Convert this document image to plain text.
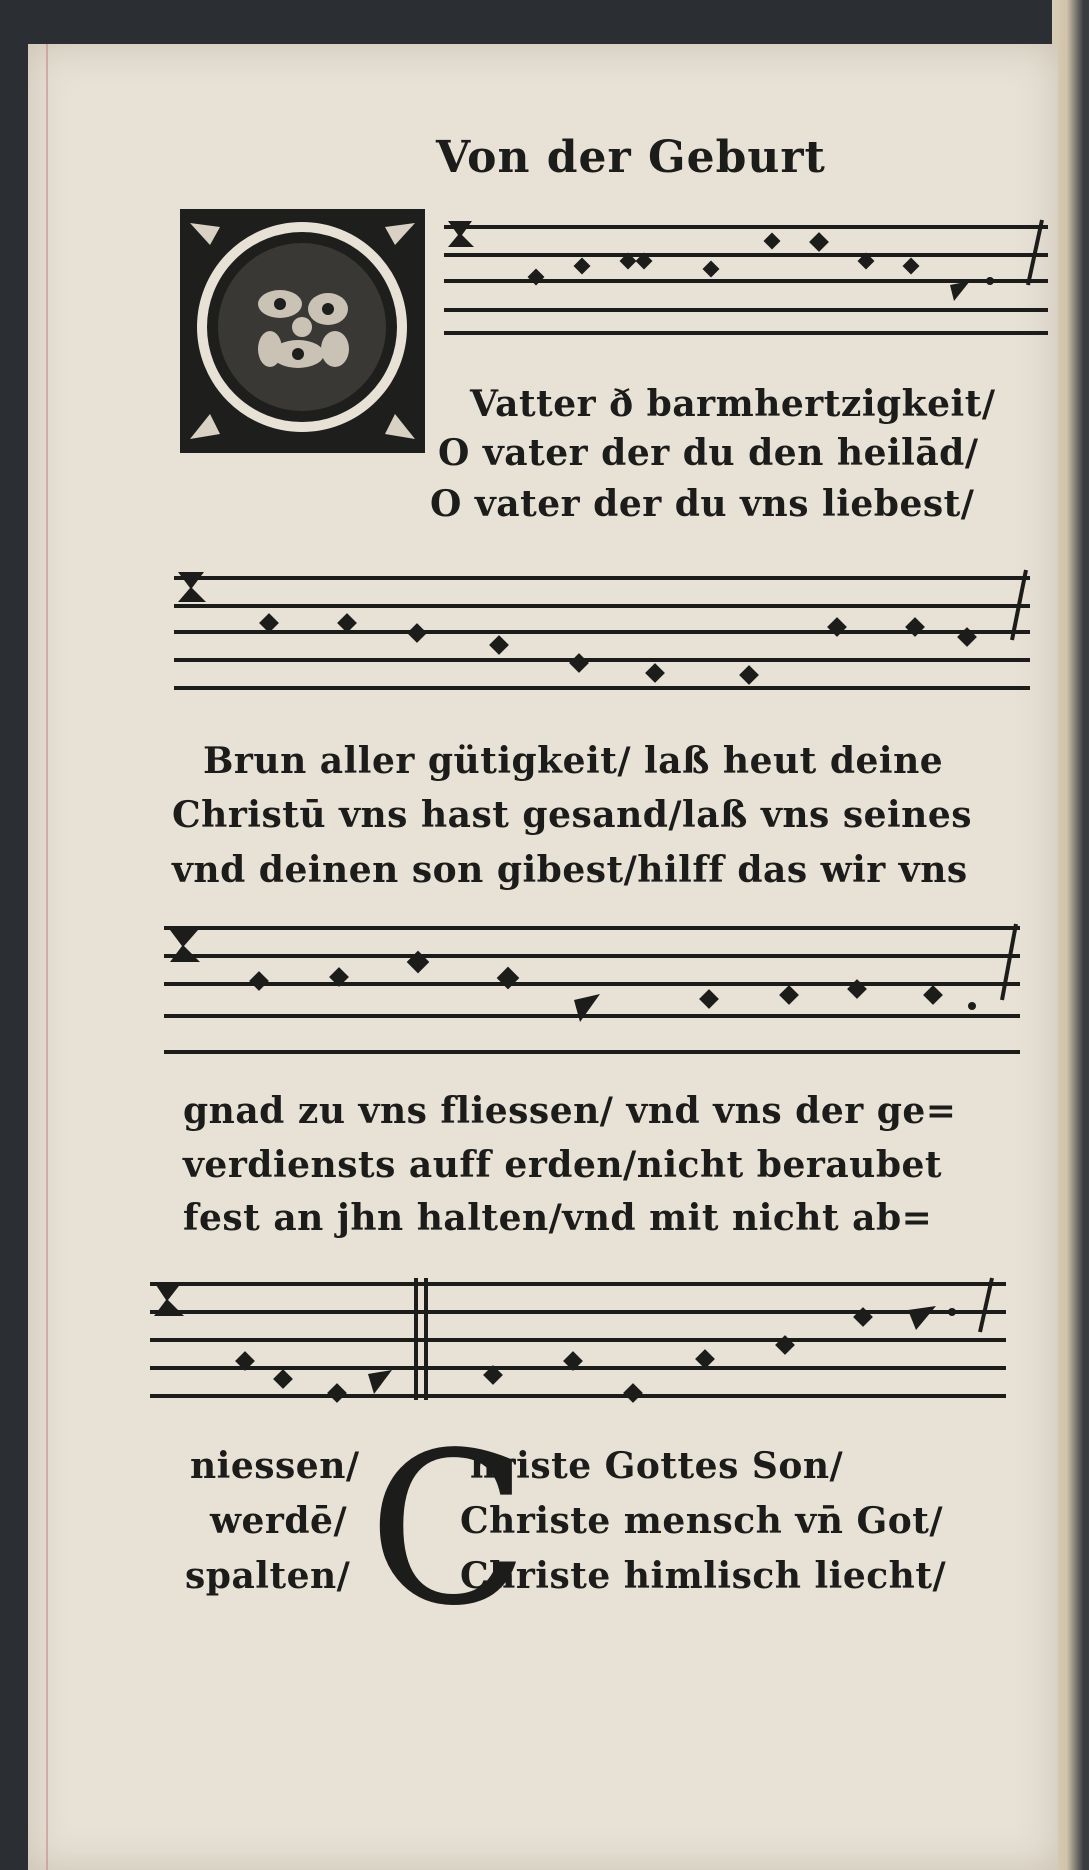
Von der Geburt
Vatter ð barmhertzigkeit/
O vater der du den heilād/
O vater der du vns liebest/
Brun aller gütigkeit/ laß heut deine
Christū vns hast gesand/laß vns seines
vnd deinen son gibest/hilff das wir vns
gnad zu vns fliessen/ vnd vns der ge=
verdiensts auff erden/nicht beraubet
fest an jhn halten/vnd mit nicht ab=
niessen/
werdē/
spalten/ C
hriste Gottes Son/
Christe mensch vn̄ Got/
Christe himlisch liecht/
